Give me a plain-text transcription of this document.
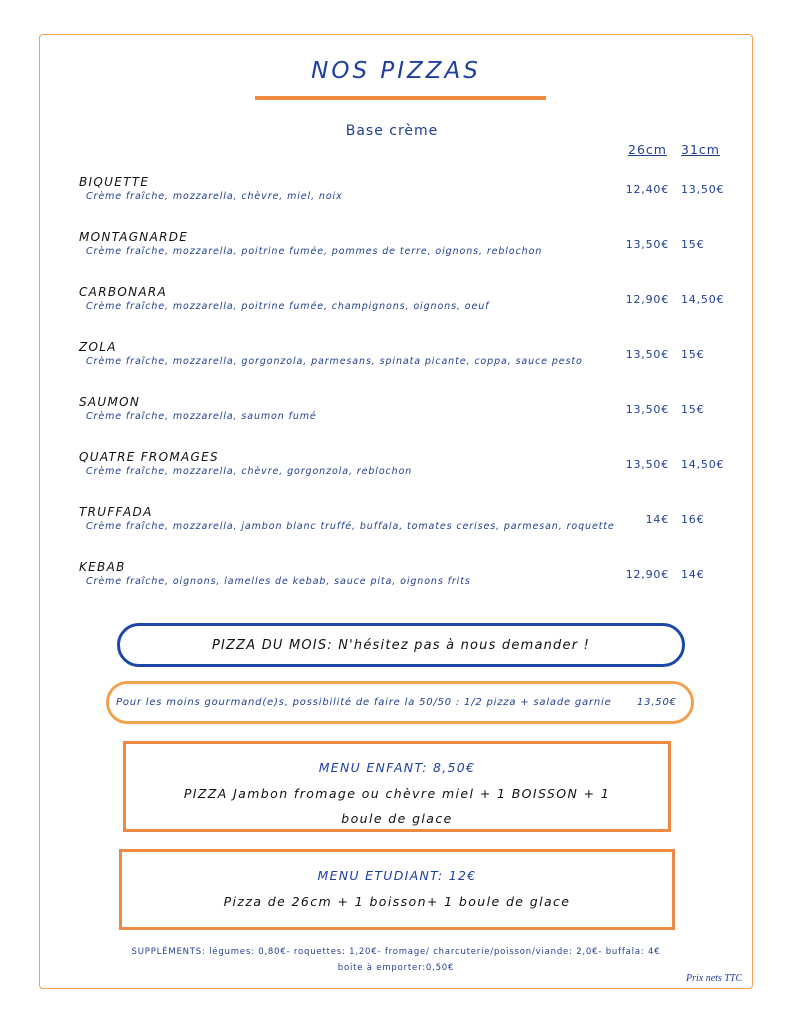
NOS PIZZAS
Base crème
26cm 31cm
BIQUETTE
Crème fraîche, mozzarella, chèvre, miel, noix
12,40€ 13,50€
MONTAGNARDE
Crème fraîche, mozzarella, poitrine fumée, pommes de terre, oignons, reblochon
13,50€ 15€
CARBONARA
Crème fraîche, mozzarella, poitrine fumée, champignons, oignons, oeuf
12,90€ 14,50€
ZOLA
Crème fraîche, mozzarella, gorgonzola, parmesans, spinata picante, coppa, sauce pesto
13,50€ 15€
SAUMON
Crème fraîche, mozzarella, saumon fumé
13,50€ 15€
QUATRE FROMAGES
Crème fraîche, mozzarella, chèvre, gorgonzola, reblochon
13,50€ 14,50€
TRUFFADA
Crème fraîche, mozzarella, jambon blanc truffé, buffala, tomates cerises, parmesan, roquette
14€ 16€
KEBAB
Crème fraîche, oignons, lamelles de kebab, sauce pita, oignons frits
12,90€ 14€
PIZZA DU MOIS: N'hésitez pas à nous demander !
Pour les moins gourmand(e)s, possibilité de faire la 50/50 : 1/2 pizza + salade garnie	13,50€
MENU ENFANT: 8,50€
PIZZA Jambon fromage ou chèvre miel + 1 BOISSON + 1 boule de glace
MENU ETUDIANT: 12€
Pizza de 26cm + 1 boisson+ 1 boule de glace
SUPPLÉMENTS: légumes: 0,80€- roquettes: 1,20€- fromage/ charcuterie/poisson/viande: 2,0€- buffala: 4€
boite à emporter:0,50€
Prix nets TTC
